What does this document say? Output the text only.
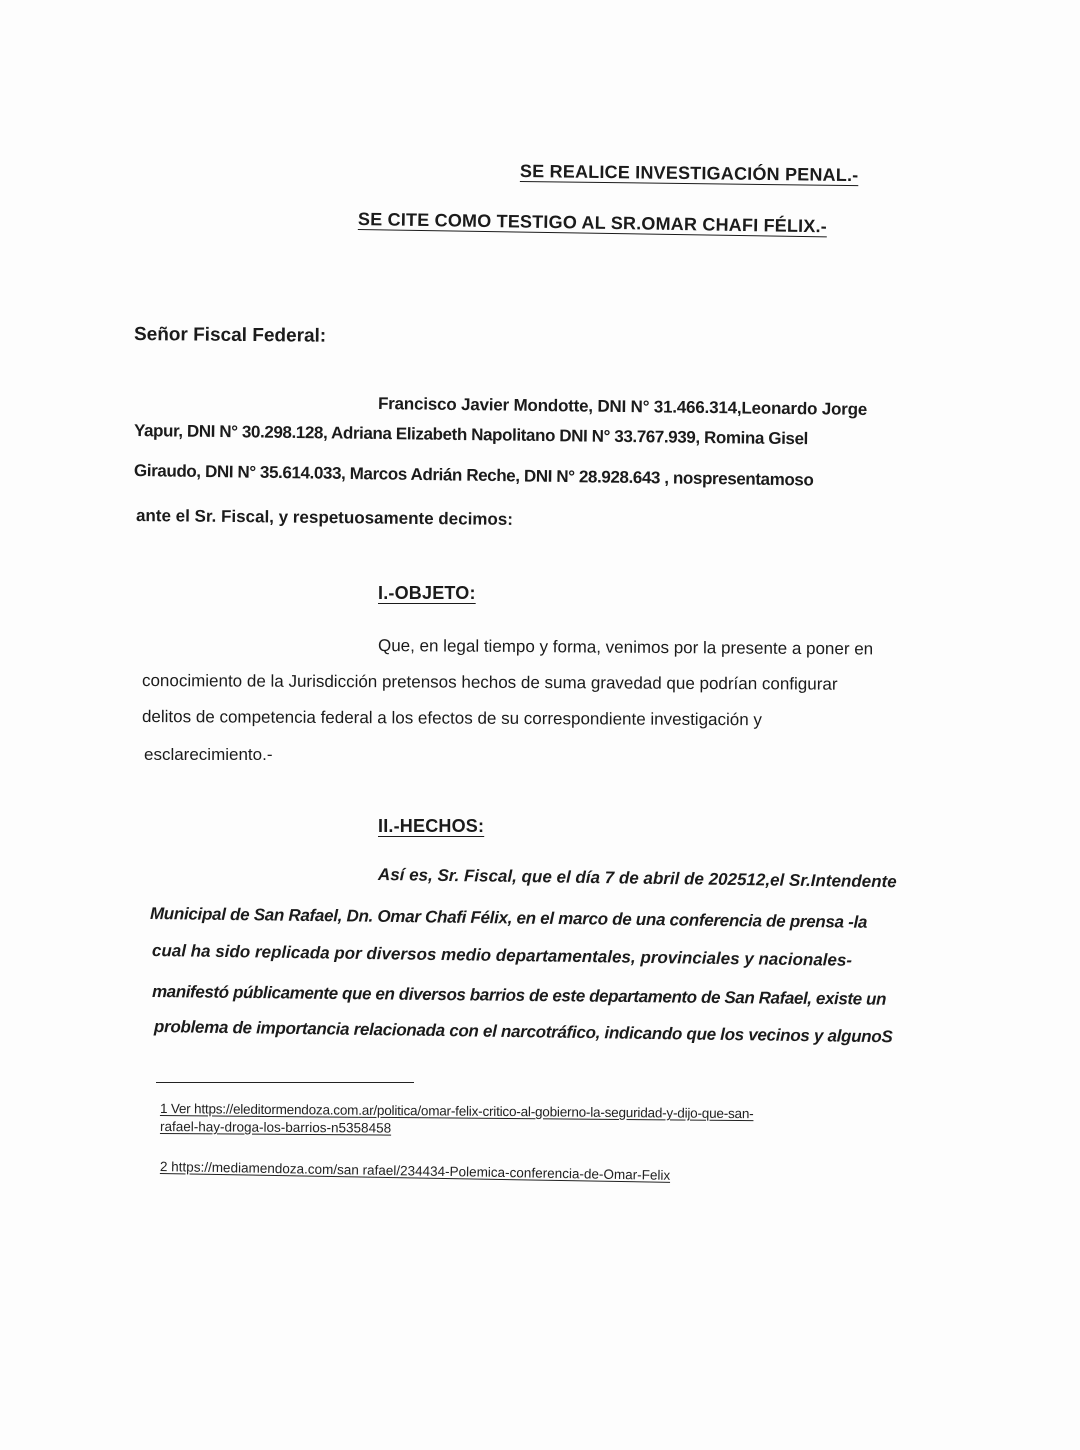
SE REALICE INVESTIGACIÓN PENAL.-
SE CITE COMO TESTIGO AL SR.OMAR CHAFI FÉLIX.-
Señor Fiscal Federal:
Francisco Javier Mondotte, DNI N° 31.466.314,Leonardo Jorge
Yapur, DNI N° 30.298.128, Adriana Elizabeth Napolitano DNI N° 33.767.939, Romina Gisel
Giraudo, DNI N° 35.614.033, Marcos Adrián Reche, DNI N° 28.928.643 , nospresentamoso
ante el Sr. Fiscal, y respetuosamente decimos:
I.-OBJETO:
Que, en legal tiempo y forma, venimos por la presente a poner en
conocimiento de la Jurisdicción pretensos hechos de suma gravedad que podrían configurar
delitos de competencia federal a los efectos de su correspondiente investigación y
esclarecimiento.-
II.-HECHOS:
Así es, Sr. Fiscal, que el día 7 de abril de 202512,el Sr.Intendente
Municipal de San Rafael, Dn. Omar Chafi Félix, en el marco de una conferencia de prensa -la
cual ha sido replicada por diversos medio departamentales, provinciales y nacionales-
manifestó públicamente que en diversos barrios de este departamento de San Rafael, existe un
problema de importancia relacionada con el narcotráfico, indicando que los vecinos y algunoS
1 Ver https://eleditormendoza.com.ar/politica/omar-felix-critico-al-gobierno-la-seguridad-y-dijo-que-san-
rafael-hay-droga-los-barrios-n5358458
2 https://mediamendoza.com/san rafael/234434-Polemica-conferencia-de-Omar-Felix
